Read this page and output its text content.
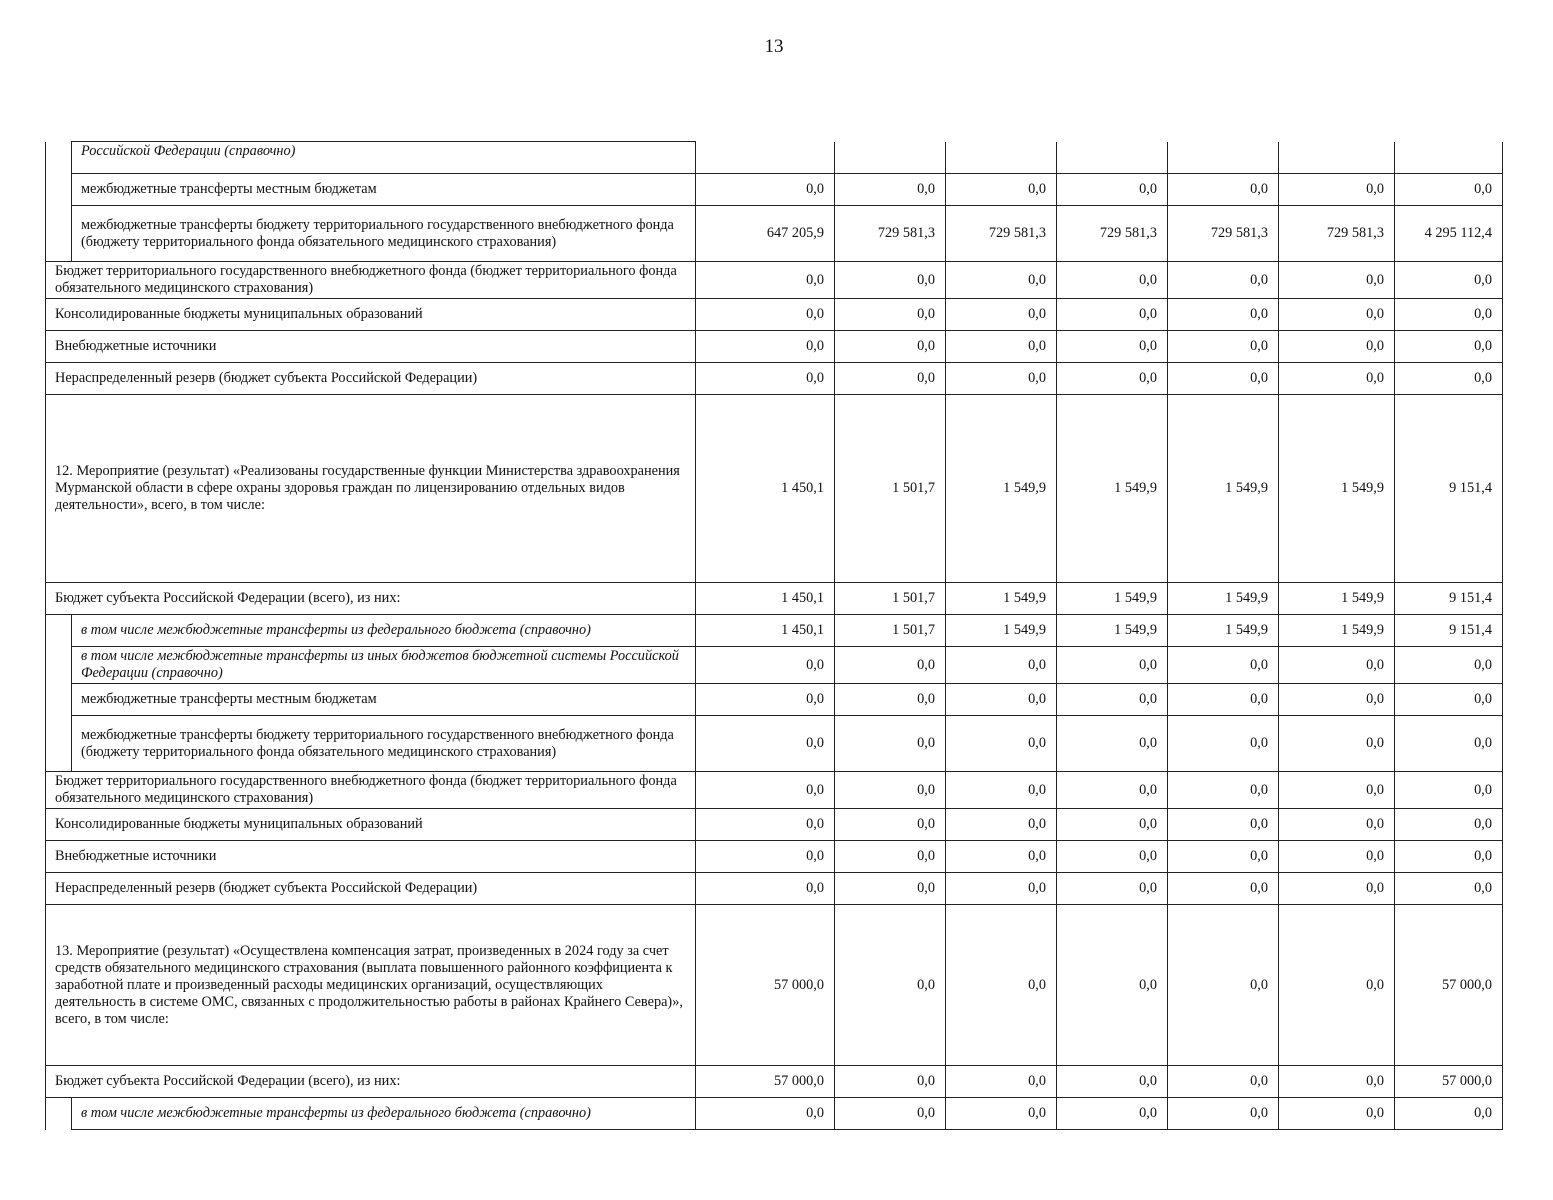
13
	Российской Федерации (справочно)							
	межбюджетные трансферты местным бюджетам	0,0	0,0	0,0	0,0	0,0	0,0	0,0
	межбюджетные трансферты бюджету территориального государственного внебюджетного фонда (бюджету территориального фонда обязательного медицинского страхования)	647 205,9	729 581,3	729 581,3	729 581,3	729 581,3	729 581,3	4 295 112,4
Бюджет территориального государственного внебюджетного фонда (бюджет территориального фонда обязательного медицинского страхования)		0,0	0,0	0,0	0,0	0,0	0,0	0,0
Консолидированные бюджеты муниципальных образований		0,0	0,0	0,0	0,0	0,0	0,0	0,0
Внебюджетные источники		0,0	0,0	0,0	0,0	0,0	0,0	0,0
Нераспределенный резерв (бюджет субъекта Российской Федерации)		0,0	0,0	0,0	0,0	0,0	0,0	0,0
12. Мероприятие (результат) «Реализованы государственные функции Министерства здравоохранения Мурманской области в сфере охраны здоровья граждан по лицензированию отдельных видов деятельности», всего, в том числе:		1 450,1	1 501,7	1 549,9	1 549,9	1 549,9	1 549,9	9 151,4
Бюджет субъекта Российской Федерации (всего), из них:		1 450,1	1 501,7	1 549,9	1 549,9	1 549,9	1 549,9	9 151,4
	в том числе межбюджетные трансферты из федерального бюджета (справочно)	1 450,1	1 501,7	1 549,9	1 549,9	1 549,9	1 549,9	9 151,4
	в том числе межбюджетные трансферты из иных бюджетов бюджетной системы Российской Федерации (справочно)	0,0	0,0	0,0	0,0	0,0	0,0	0,0
	межбюджетные трансферты местным бюджетам	0,0	0,0	0,0	0,0	0,0	0,0	0,0
	межбюджетные трансферты бюджету территориального государственного внебюджетного фонда (бюджету территориального фонда обязательного медицинского страхования)	0,0	0,0	0,0	0,0	0,0	0,0	0,0
Бюджет территориального государственного внебюджетного фонда (бюджет территориального фонда обязательного медицинского страхования)		0,0	0,0	0,0	0,0	0,0	0,0	0,0
Консолидированные бюджеты муниципальных образований		0,0	0,0	0,0	0,0	0,0	0,0	0,0
Внебюджетные источники		0,0	0,0	0,0	0,0	0,0	0,0	0,0
Нераспределенный резерв (бюджет субъекта Российской Федерации)		0,0	0,0	0,0	0,0	0,0	0,0	0,0
13. Мероприятие (результат) «Осуществлена компенсация затрат, произведенных в 2024 году за счет средств обязательного медицинского страхования (выплата повышенного районного коэффициента к заработной плате и произведенный расходы медицинских организаций, осуществляющих деятельность в системе ОМС, связанных с продолжительностью работы в районах Крайнего Севера)», всего, в том числе:		57 000,0	0,0	0,0	0,0	0,0	0,0	57 000,0
Бюджет субъекта Российской Федерации (всего), из них:		57 000,0	0,0	0,0	0,0	0,0	0,0	57 000,0
	в том числе межбюджетные трансферты из федерального бюджета (справочно)	0,0	0,0	0,0	0,0	0,0	0,0	0,0
